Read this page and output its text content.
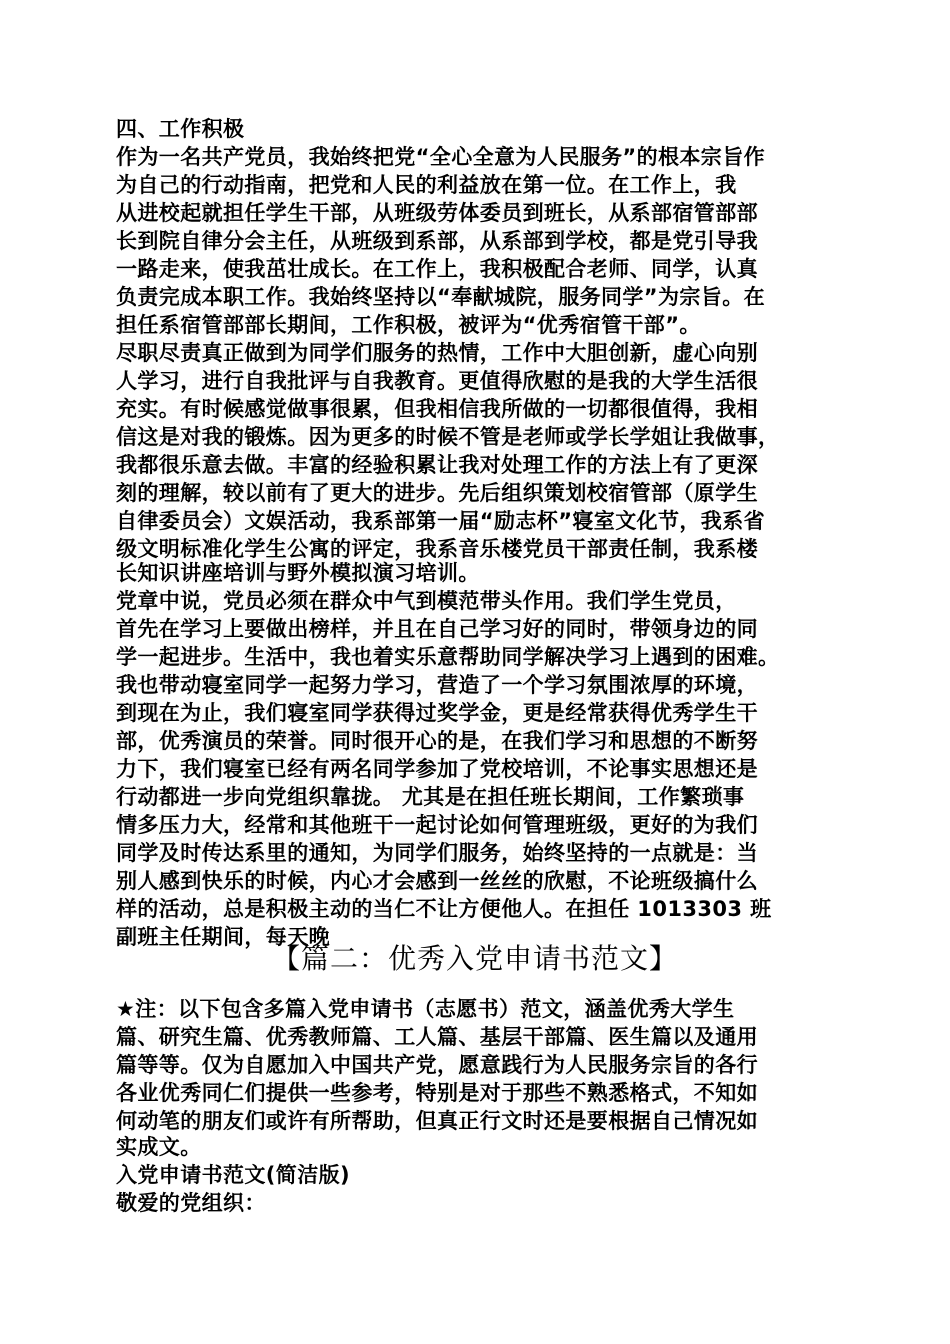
四、工作积极
作为一名共产党员，我始终把党“全心全意为人民服务”的根本宗旨作
为自己的行动指南，把党和人民的利益放在第一位。在工作上，我
从进校起就担任学生干部，从班级劳体委员到班长，从系部宿管部部
长到院自律分会主任，从班级到系部，从系部到学校，都是党引导我
一路走来，使我茁壮成长。在工作上，我积极配合老师、同学，认真
负责完成本职工作。我始终坚持以“奉献城院，服务同学”为宗旨。在
担任系宿管部部长期间，工作积极，被评为“优秀宿管干部”。
尽职尽责真正做到为同学们服务的热情，工作中大胆创新，虚心向别
人学习，进行自我批评与自我教育。更值得欣慰的是我的大学生活很
充实。有时候感觉做事很累，但我相信我所做的一切都很值得，我相
信这是对我的锻炼。因为更多的时候不管是老师或学长学姐让我做事，
我都很乐意去做。丰富的经验积累让我对处理工作的方法上有了更深
刻的理解，较以前有了更大的进步。先后组织策划校宿管部（原学生
自律委员会）文娱活动，我系部第一届“励志杯”寝室文化节，我系省
级文明标准化学生公寓的评定，我系音乐楼党员干部责任制，我系楼
长知识讲座培训与野外模拟演习培训。
党章中说，党员必须在群众中气到模范带头作用。我们学生党员，
首先在学习上要做出榜样，并且在自己学习好的同时，带领身边的同
学一起进步。生活中，我也着实乐意帮助同学解决学习上遇到的困难。
我也带动寝室同学一起努力学习，营造了一个学习氛围浓厚的环境，
到现在为止，我们寝室同学获得过奖学金，更是经常获得优秀学生干
部，优秀演员的荣誉。同时很开心的是，在我们学习和思想的不断努
力下，我们寝室已经有两名同学参加了党校培训，不论事实思想还是
行动都进一步向党组织靠拢。 尤其是在担任班长期间，工作繁琐事
情多压力大，经常和其他班干一起讨论如何管理班级，更好的为我们
同学及时传达系里的通知，为同学们服务，始终坚持的一点就是：当
别人感到快乐的时候，内心才会感到一丝丝的欣慰，不论班级搞什么
样的活动，总是积极主动的当仁不让方便他人。在担任 1013303 班
副班主任期间，每天晚
【篇二：优秀入党申请书范文】
★注：以下包含多篇入党申请书（志愿书）范文，涵盖优秀大学生
篇、研究生篇、优秀教师篇、工人篇、基层干部篇、医生篇以及通用
篇等等。仅为自愿加入中国共产党，愿意践行为人民服务宗旨的各行
各业优秀同仁们提供一些参考，特别是对于那些不熟悉格式，不知如
何动笔的朋友们或许有所帮助，但真正行文时还是要根据自己情况如
实成文。
入党申请书范文(简洁版)
敬爱的党组织：
